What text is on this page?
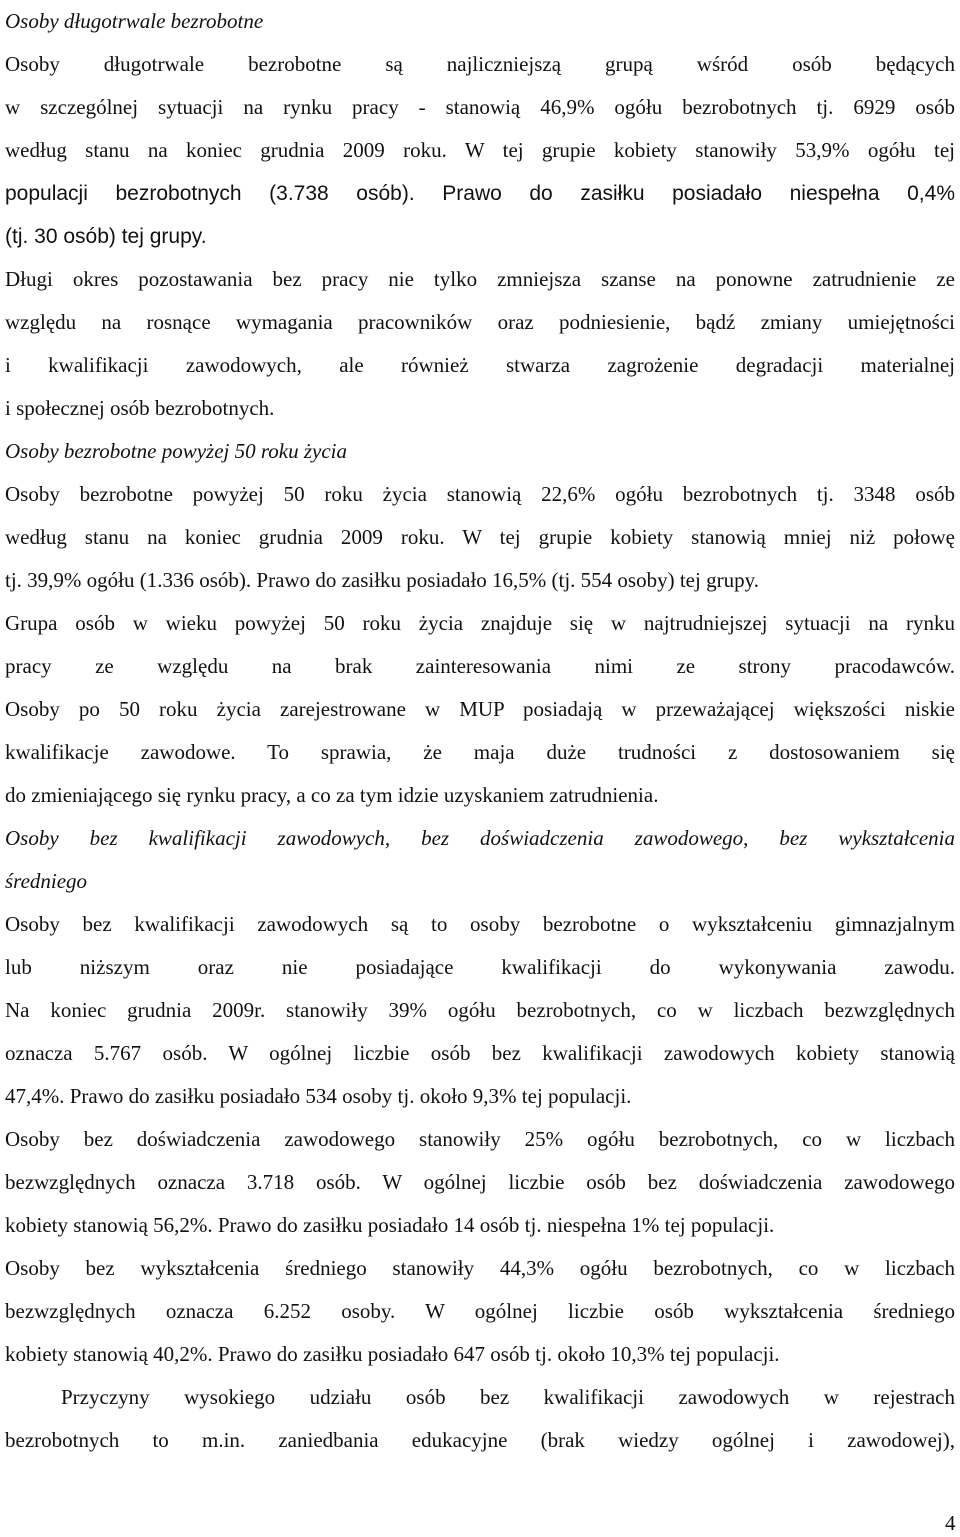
Osoby długotrwale bezrobotne
Osoby długotrwale bezrobotne są najliczniejszą grupą wśród osób będących
w szczególnej sytuacji na rynku pracy - stanowią 46,9% ogółu bezrobotnych tj. 6929 osób
według stanu na koniec grudnia 2009 roku. W tej grupie kobiety stanowiły 53,9% ogółu tej
populacji bezrobotnych (3.738 osób). Prawo do zasiłku posiadało niespełna 0,4%
(tj. 30 osób) tej grupy.
Długi okres pozostawania bez pracy nie tylko zmniejsza szanse na ponowne zatrudnienie ze
względu na rosnące wymagania pracowników oraz podniesienie, bądź zmiany umiejętności
i kwalifikacji zawodowych, ale również stwarza zagrożenie degradacji materialnej
i społecznej osób bezrobotnych.
Osoby bezrobotne powyżej 50 roku życia
Osoby bezrobotne powyżej 50 roku życia stanowią 22,6% ogółu bezrobotnych tj. 3348 osób
według stanu na koniec grudnia 2009 roku. W tej grupie kobiety stanowią mniej niż połowę
tj. 39,9% ogółu (1.336 osób). Prawo do zasiłku posiadało 16,5% (tj. 554 osoby) tej grupy.
Grupa osób w wieku powyżej 50 roku życia znajduje się w najtrudniejszej sytuacji na rynku
pracy ze względu na brak zainteresowania nimi ze strony pracodawców.
Osoby po 50 roku życia zarejestrowane w MUP posiadają w przeważającej większości niskie
kwalifikacje zawodowe. To sprawia, że maja duże trudności z dostosowaniem się
do zmieniającego się rynku pracy, a co za tym idzie uzyskaniem zatrudnienia.
Osoby bez kwalifikacji zawodowych, bez doświadczenia zawodowego, bez wykształcenia
średniego
Osoby bez kwalifikacji zawodowych są to osoby bezrobotne o wykształceniu gimnazjalnym
lub niższym oraz nie posiadające kwalifikacji do wykonywania zawodu.
Na koniec grudnia 2009r. stanowiły 39% ogółu bezrobotnych, co w liczbach bezwzględnych
oznacza 5.767 osób. W ogólnej liczbie osób bez kwalifikacji zawodowych kobiety stanowią
47,4%. Prawo do zasiłku posiadało 534 osoby tj. około 9,3% tej populacji.
Osoby bez doświadczenia zawodowego stanowiły 25% ogółu bezrobotnych, co w liczbach
bezwzględnych oznacza 3.718 osób. W ogólnej liczbie osób bez doświadczenia zawodowego
kobiety stanowią 56,2%. Prawo do zasiłku posiadało 14 osób tj. niespełna 1% tej populacji.
Osoby bez wykształcenia średniego stanowiły 44,3% ogółu bezrobotnych, co w liczbach
bezwzględnych oznacza 6.252 osoby. W ogólnej liczbie osób wykształcenia średniego
kobiety stanowią 40,2%. Prawo do zasiłku posiadało 647 osób tj. około 10,3% tej populacji.
Przyczyny wysokiego udziału osób bez kwalifikacji zawodowych w rejestrach
bezrobotnych to m.in. zaniedbania edukacyjne (brak wiedzy ogólnej i zawodowej),
4
